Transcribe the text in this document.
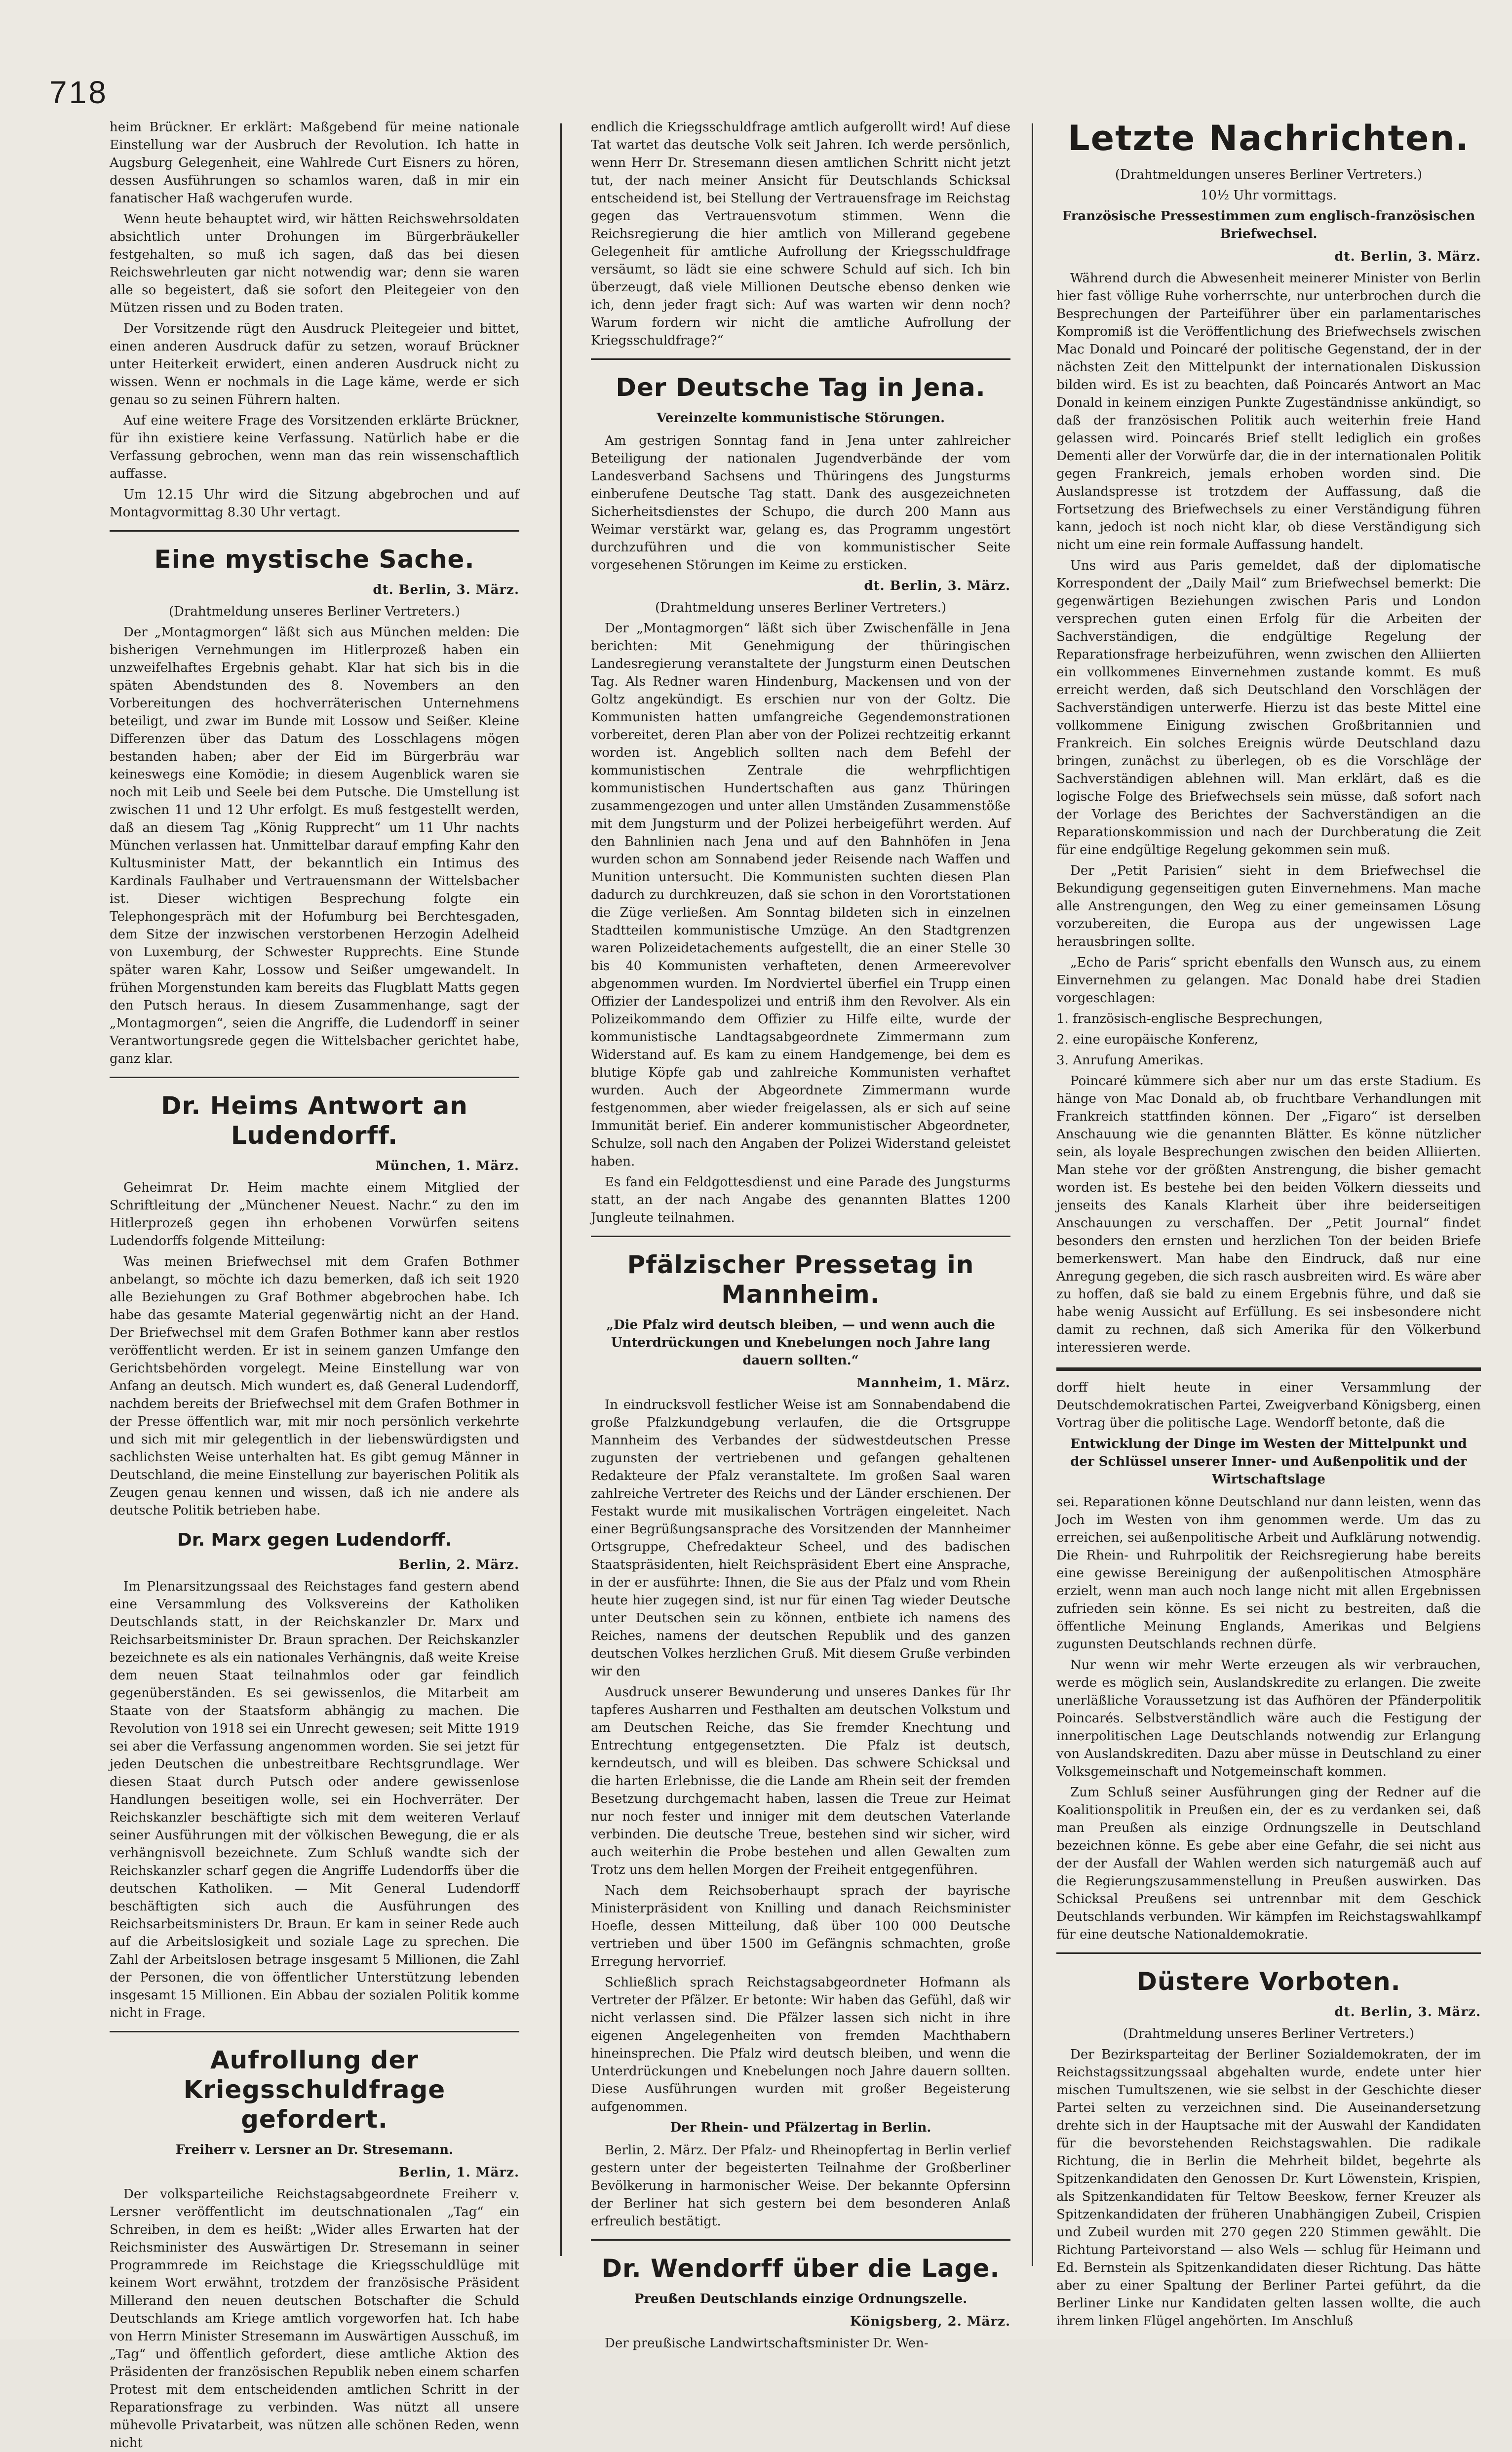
718

heim Brückner. Er erklärt: Maßgebend für meine nationale Einstellung war der Ausbruch der Revolution. Ich hatte in Augsburg Gelegenheit, eine Wahlrede Curt Eisners zu hören, dessen Ausführungen so schamlos waren, daß in mir ein fanatischer Haß wachgerufen wurde.

Wenn heute behauptet wird, wir hätten Reichswehrsoldaten absichtlich unter Drohungen im Bürgerbräukeller festgehalten, so muß ich sagen, daß das bei diesen Reichswehrleuten gar nicht notwendig war; denn sie waren alle so begeistert, daß sie sofort den Pleitegeier von den Mützen rissen und zu Boden traten.

Der Vorsitzende rügt den Ausdruck Pleitegeier und bittet, einen anderen Ausdruck dafür zu setzen, worauf Brückner unter Heiterkeit erwidert, einen anderen Ausdruck nicht zu wissen. Wenn er nochmals in die Lage käme, werde er sich genau so zu seinen Führern halten.

Auf eine weitere Frage des Vorsitzenden erklärte Brückner, für ihn existiere keine Verfassung. Natürlich habe er die Verfassung gebrochen, wenn man das rein wissenschaftlich auffasse.

Um 12.15 Uhr wird die Sitzung abgebrochen und auf Montagvormittag 8.30 Uhr vertagt.

Eine mystische Sache.

dt. Berlin, 3. März.

(Drahtmeldung unseres Berliner Vertreters.)

Der „Montagmorgen“ läßt sich aus München melden: Die bisherigen Vernehmungen im Hitlerprozeß haben ein unzweifelhaftes Ergebnis gehabt. Klar hat sich bis in die späten Abendstunden des 8. Novembers an den Vorbereitungen des hochverräterischen Unternehmens beteiligt, und zwar im Bunde mit Lossow und Seißer. Kleine Differenzen über das Datum des Losschlagens mögen bestanden haben; aber der Eid im Bürgerbräu war keineswegs eine Komödie; in diesem Augenblick waren sie noch mit Leib und Seele bei dem Putsche. Die Umstellung ist zwischen 11 und 12 Uhr erfolgt. Es muß festgestellt werden, daß an diesem Tag „König Rupprecht“ um 11 Uhr nachts München verlassen hat. Unmittelbar darauf empfing Kahr den Kultusminister Matt, der bekanntlich ein Intimus des Kardinals Faulhaber und Vertrauensmann der Wittelsbacher ist. Dieser wichtigen Besprechung folgte ein Telephongespräch mit der Hofumburg bei Berchtesgaden, dem Sitze der inzwischen verstorbenen Herzogin Adelheid von Luxemburg, der Schwester Rupprechts. Eine Stunde später waren Kahr, Lossow und Seißer umgewandelt. In frühen Morgenstunden kam bereits das Flugblatt Matts gegen den Putsch heraus. In diesem Zusammenhange, sagt der „Montagmorgen“, seien die Angriffe, die Ludendorff in seiner Verantwortungsrede gegen die Wittelsbacher gerichtet habe, ganz klar.

Dr. Heims Antwort an Ludendorff.

München, 1. März.

Geheimrat Dr. Heim machte einem Mitglied der Schriftleitung der „Münchener Neuest. Nachr.“ zu den im Hitlerprozeß gegen ihn erhobenen Vorwürfen seitens Ludendorffs folgende Mitteilung:

Was meinen Briefwechsel mit dem Grafen Bothmer anbelangt, so möchte ich dazu bemerken, daß ich seit 1920 alle Beziehungen zu Graf Bothmer abgebrochen habe. Ich habe das gesamte Material gegenwärtig nicht an der Hand. Der Briefwechsel mit dem Grafen Bothmer kann aber restlos veröffentlicht werden. Er ist in seinem ganzen Umfange den Gerichtsbehörden vorgelegt. Meine Einstellung war von Anfang an deutsch. Mich wundert es, daß General Ludendorff, nachdem bereits der Briefwechsel mit dem Grafen Bothmer in der Presse öffentlich war, mit mir noch persönlich verkehrte und sich mit mir gelegentlich in der liebenswürdigsten und sachlichsten Weise unterhalten hat. Es gibt gemug Männer in Deutschland, die meine Einstellung zur bayerischen Politik als Zeugen genau kennen und wissen, daß ich nie andere als deutsche Politik betrieben habe.

Dr. Marx gegen Ludendorff.

Berlin, 2. März.

Im Plenarsitzungssaal des Reichstages fand gestern abend eine Versammlung des Volksvereins der Katholiken Deutschlands statt, in der Reichskanzler Dr. Marx und Reichsarbeitsminister Dr. Braun sprachen. Der Reichskanzler bezeichnete es als ein nationales Verhängnis, daß weite Kreise dem neuen Staat teilnahmlos oder gar feindlich gegenüberständen. Es sei gewissenlos, die Mitarbeit am Staate von der Staatsform abhängig zu machen. Die Revolution von 1918 sei ein Unrecht gewesen; seit Mitte 1919 sei aber die Verfassung angenommen worden. Sie sei jetzt für jeden Deutschen die unbestreitbare Rechtsgrundlage. Wer diesen Staat durch Putsch oder andere gewissenlose Handlungen beseitigen wolle, sei ein Hochverräter. Der Reichskanzler beschäftigte sich mit dem weiteren Verlauf seiner Ausführungen mit der völkischen Bewegung, die er als verhängnisvoll bezeichnete. Zum Schluß wandte sich der Reichskanzler scharf gegen die Angriffe Ludendorffs über die deutschen Katholiken. — Mit General Ludendorff beschäftigten sich auch die Ausführungen des Reichsarbeitsministers Dr. Braun. Er kam in seiner Rede auch auf die Arbeitslosigkeit und soziale Lage zu sprechen. Die Zahl der Arbeitslosen betrage insgesamt 5 Millionen, die Zahl der Personen, die von öffentlicher Unterstützung lebenden insgesamt 15 Millionen. Ein Abbau der sozialen Politik komme nicht in Frage.

Aufrollung der Kriegsschuldfrage gefordert.

Freiherr v. Lersner an Dr. Stresemann.

Berlin, 1. März.

Der volksparteiliche Reichstagsabgeordnete Freiherr v. Lersner veröffentlicht im deutschnationalen „Tag“ ein Schreiben, in dem es heißt: „Wider alles Erwarten hat der Reichsminister des Auswärtigen Dr. Stresemann in seiner Programmrede im Reichstage die Kriegsschuldlüge mit keinem Wort erwähnt, trotzdem der französische Präsident Millerand den neuen deutschen Botschafter die Schuld Deutschlands am Kriege amtlich vorgeworfen hat. Ich habe von Herrn Minister Stresemann im Auswärtigen Ausschuß, im „Tag“ und öffentlich gefordert, diese amtliche Aktion des Präsidenten der französischen Republik neben einem scharfen Protest mit dem entscheidenden amtlichen Schritt in der Reparationsfrage zu verbinden. Was nützt all unsere mühevolle Privatarbeit, was nützen alle schönen Reden, wenn nicht

endlich die Kriegsschuldfrage amtlich aufgerollt wird! Auf diese Tat wartet das deutsche Volk seit Jahren. Ich werde persönlich, wenn Herr Dr. Stresemann diesen amtlichen Schritt nicht jetzt tut, der nach meiner Ansicht für Deutschlands Schicksal entscheidend ist, bei Stellung der Vertrauensfrage im Reichstag gegen das Vertrauensvotum stimmen. Wenn die Reichsregierung die hier amtlich von Millerand gegebene Gelegenheit für amtliche Aufrollung der Kriegsschuldfrage versäumt, so lädt sie eine schwere Schuld auf sich. Ich bin überzeugt, daß viele Millionen Deutsche ebenso denken wie ich, denn jeder fragt sich: Auf was warten wir denn noch? Warum fordern wir nicht die amtliche Aufrollung der Kriegsschuldfrage?“

Der Deutsche Tag in Jena.

Vereinzelte kommunistische Störungen.

Am gestrigen Sonntag fand in Jena unter zahlreicher Beteiligung der nationalen Jugendverbände der vom Landesverband Sachsens und Thüringens des Jungsturms einberufene Deutsche Tag statt. Dank des ausgezeichneten Sicherheitsdienstes der Schupo, die durch 200 Mann aus Weimar verstärkt war, gelang es, das Programm ungestört durchzuführen und die von kommunistischer Seite vorgesehenen Störungen im Keime zu ersticken.

dt. Berlin, 3. März.

(Drahtmeldung unseres Berliner Vertreters.)

Der „Montagmorgen“ läßt sich über Zwischenfälle in Jena berichten: Mit Genehmigung der thüringischen Landesregierung veranstaltete der Jungsturm einen Deutschen Tag. Als Redner waren Hindenburg, Mackensen und von der Goltz angekündigt. Es erschien nur von der Goltz. Die Kommunisten hatten umfangreiche Gegendemonstrationen vorbereitet, deren Plan aber von der Polizei rechtzeitig erkannt worden ist. Angeblich sollten nach dem Befehl der kommunistischen Zentrale die wehrpflichtigen kommunistischen Hundertschaften aus ganz Thüringen zusammengezogen und unter allen Umständen Zusammenstöße mit dem Jungsturm und der Polizei herbeigeführt werden. Auf den Bahnlinien nach Jena und auf den Bahnhöfen in Jena wurden schon am Sonnabend jeder Reisende nach Waffen und Munition untersucht. Die Kommunisten suchten diesen Plan dadurch zu durchkreuzen, daß sie schon in den Vorortstationen die Züge verließen. Am Sonntag bildeten sich in einzelnen Stadtteilen kommunistische Umzüge. An den Stadtgrenzen waren Polizeidetachements aufgestellt, die an einer Stelle 30 bis 40 Kommunisten verhafteten, denen Armeerevolver abgenommen wurden. Im Nordviertel überfiel ein Trupp einen Offizier der Landespolizei und entriß ihm den Revolver. Als ein Polizeikommando dem Offizier zu Hilfe eilte, wurde der kommunistische Landtagsabgeordnete Zimmermann zum Widerstand auf. Es kam zu einem Handgemenge, bei dem es blutige Köpfe gab und zahlreiche Kommunisten verhaftet wurden. Auch der Abgeordnete Zimmermann wurde festgenommen, aber wieder freigelassen, als er sich auf seine Immunität berief. Ein anderer kommunistischer Abgeordneter, Schulze, soll nach den Angaben der Polizei Widerstand geleistet haben.

Es fand ein Feldgottesdienst und eine Parade des Jungsturms statt, an der nach Angabe des genannten Blattes 1200 Jungleute teilnahmen.

Pfälzischer Pressetag in Mannheim.

„Die Pfalz wird deutsch bleiben, — und wenn auch die Unterdrückungen und Knebelungen noch Jahre lang dauern sollten.“

Mannheim, 1. März.

In eindrucksvoll festlicher Weise ist am Sonnabendabend die große Pfalzkundgebung verlaufen, die die Ortsgruppe Mannheim des Verbandes der südwestdeutschen Presse zugunsten der vertriebenen und gefangen gehaltenen Redakteure der Pfalz veranstaltete. Im großen Saal waren zahlreiche Vertreter des Reichs und der Länder erschienen. Der Festakt wurde mit musikalischen Vorträgen eingeleitet. Nach einer Begrüßungsansprache des Vorsitzenden der Mannheimer Ortsgruppe, Chefredakteur Scheel, und des badischen Staatspräsidenten, hielt Reichspräsident Ebert eine Ansprache, in der er ausführte: Ihnen, die Sie aus der Pfalz und vom Rhein heute hier zugegen sind, ist nur für einen Tag wieder Deutsche unter Deutschen sein zu können, entbiete ich namens des Reiches, namens der deutschen Republik und des ganzen deutschen Volkes herzlichen Gruß. Mit diesem Gruße verbinden wir den

Ausdruck unserer Bewunderung und unseres Dankes für Ihr tapferes Ausharren und Festhalten am deutschen Volkstum und am Deutschen Reiche, das Sie fremder Knechtung und Entrechtung entgegensetzten. Die Pfalz ist deutsch, kerndeutsch, und will es bleiben. Das schwere Schicksal und die harten Erlebnisse, die die Lande am Rhein seit der fremden Besetzung durchgemacht haben, lassen die Treue zur Heimat nur noch fester und inniger mit dem deutschen Vaterlande verbinden. Die deutsche Treue, bestehen sind wir sicher, wird auch weiterhin die Probe bestehen und allen Gewalten zum Trotz uns dem hellen Morgen der Freiheit entgegenführen.

Nach dem Reichsoberhaupt sprach der bayrische Ministerpräsident von Knilling und danach Reichsminister Hoefle, dessen Mitteilung, daß über 100 000 Deutsche vertrieben und über 1500 im Gefängnis schmachten, große Erregung hervorrief.

Schließlich sprach Reichstagsabgeordneter Hofmann als Vertreter der Pfälzer. Er betonte: Wir haben das Gefühl, daß wir nicht verlassen sind. Die Pfälzer lassen sich nicht in ihre eigenen Angelegenheiten von fremden Machthabern hineinsprechen. Die Pfalz wird deutsch bleiben, und wenn die Unterdrückungen und Knebelungen noch Jahre dauern sollten. Diese Ausführungen wurden mit großer Begeisterung aufgenommen.

Der Rhein- und Pfälzertag in Berlin.

Berlin, 2. März. Der Pfalz- und Rheinopfertag in Berlin verlief gestern unter der begeisterten Teilnahme der Großberliner Bevölkerung in harmonischer Weise. Der bekannte Opfersinn der Berliner hat sich gestern bei dem besonderen Anlaß erfreulich bestätigt.

Dr. Wendorff über die Lage.

Preußen Deutschlands einzige Ordnungszelle.

Königsberg, 2. März.

Der preußische Landwirtschaftsminister Dr. Wen-

Letzte Nachrichten.

(Drahtmeldungen unseres Berliner Vertreters.)

10½ Uhr vormittags.

Französische Pressestimmen zum englisch-französischen Briefwechsel.

dt. Berlin, 3. März.

Während durch die Abwesenheit meinerer Minister von Berlin hier fast völlige Ruhe vorherrschte, nur unterbrochen durch die Besprechungen der Parteiführer über ein parlamentarisches Kompromiß ist die Veröffentlichung des Briefwechsels zwischen Mac Donald und Poincaré der politische Gegenstand, der in der nächsten Zeit den Mittelpunkt der internationalen Diskussion bilden wird. Es ist zu beachten, daß Poincarés Antwort an Mac Donald in keinem einzigen Punkte Zugeständnisse ankündigt, so daß der französischen Politik auch weiterhin freie Hand gelassen wird. Poincarés Brief stellt lediglich ein großes Dementi aller der Vorwürfe dar, die in der internationalen Politik gegen Frankreich, jemals erhoben worden sind. Die Auslandspresse ist trotzdem der Auffassung, daß die Fortsetzung des Briefwechsels zu einer Verständigung führen kann, jedoch ist noch nicht klar, ob diese Verständigung sich nicht um eine rein formale Auffassung handelt.

Uns wird aus Paris gemeldet, daß der diplomatische Korrespondent der „Daily Mail“ zum Briefwechsel bemerkt: Die gegenwärtigen Beziehungen zwischen Paris und London versprechen guten einen Erfolg für die Arbeiten der Sachverständigen, die endgültige Regelung der Reparationsfrage herbeizuführen, wenn zwischen den Alliierten ein vollkommenes Einvernehmen zustande kommt. Es muß erreicht werden, daß sich Deutschland den Vorschlägen der Sachverständigen unterwerfe. Hierzu ist das beste Mittel eine vollkommene Einigung zwischen Großbritannien und Frankreich. Ein solches Ereignis würde Deutschland dazu bringen, zunächst zu überlegen, ob es die Vorschläge der Sachverständigen ablehnen will. Man erklärt, daß es die logische Folge des Briefwechsels sein müsse, daß sofort nach der Vorlage des Berichtes der Sachverständigen an die Reparationskommission und nach der Durchberatung die Zeit für eine endgültige Regelung gekommen sein muß.

Der „Petit Parisien“ sieht in dem Briefwechsel die Bekundigung gegenseitigen guten Einvernehmens. Man mache alle Anstrengungen, den Weg zu einer gemeinsamen Lösung vorzubereiten, die Europa aus der ungewissen Lage herausbringen sollte.

„Echo de Paris“ spricht ebenfalls den Wunsch aus, zu einem Einvernehmen zu gelangen. Mac Donald habe drei Stadien vorgeschlagen:

1. französisch-englische Besprechungen,

2. eine europäische Konferenz,

3. Anrufung Amerikas.

Poincaré kümmere sich aber nur um das erste Stadium. Es hänge von Mac Donald ab, ob fruchtbare Verhandlungen mit Frankreich stattfinden können. Der „Figaro“ ist derselben Anschauung wie die genannten Blätter. Es könne nützlicher sein, als loyale Besprechungen zwischen den beiden Alliierten. Man stehe vor der größten Anstrengung, die bisher gemacht worden ist. Es bestehe bei den beiden Völkern diesseits und jenseits des Kanals Klarheit über ihre beiderseitigen Anschauungen zu verschaffen. Der „Petit Journal“ findet besonders den ernsten und herzlichen Ton der beiden Briefe bemerkenswert. Man habe den Eindruck, daß nur eine Anregung gegeben, die sich rasch ausbreiten wird. Es wäre aber zu hoffen, daß sie bald zu einem Ergebnis führe, und daß sie habe wenig Aussicht auf Erfüllung. Es sei insbesondere nicht damit zu rechnen, daß sich Amerika für den Völkerbund interessieren werde.

dorff hielt heute in einer Versammlung der Deutschdemokratischen Partei, Zweigverband Königsberg, einen Vortrag über die politische Lage. Wendorff betonte, daß die

Entwicklung der Dinge im Westen der Mittelpunkt und der Schlüssel unserer Inner- und Außenpolitik und der Wirtschaftslage

sei. Reparationen könne Deutschland nur dann leisten, wenn das Joch im Westen von ihm genommen werde. Um das zu erreichen, sei außenpolitische Arbeit und Aufklärung notwendig. Die Rhein- und Ruhrpolitik der Reichsregierung habe bereits eine gewisse Bereinigung der außenpolitischen Atmosphäre erzielt, wenn man auch noch lange nicht mit allen Ergebnissen zufrieden sein könne. Es sei nicht zu bestreiten, daß die öffentliche Meinung Englands, Amerikas und Belgiens zugunsten Deutschlands rechnen dürfe.

Nur wenn wir mehr Werte erzeugen als wir verbrauchen, werde es möglich sein, Auslandskredite zu erlangen. Die zweite unerläßliche Voraussetzung ist das Aufhören der Pfänderpolitik Poincarés. Selbstverständlich wäre auch die Festigung der innerpolitischen Lage Deutschlands notwendig zur Erlangung von Auslandskrediten. Dazu aber müsse in Deutschland zu einer Volksgemeinschaft und Notgemeinschaft kommen.

Zum Schluß seiner Ausführungen ging der Redner auf die Koalitionspolitik in Preußen ein, der es zu verdanken sei, daß man Preußen als einzige Ordnungszelle in Deutschland bezeichnen könne. Es gebe aber eine Gefahr, die sei nicht aus der der Ausfall der Wahlen werden sich naturgemäß auch auf die Regierungszusammenstellung in Preußen auswirken. Das Schicksal Preußens sei untrennbar mit dem Geschick Deutschlands verbunden. Wir kämpfen im Reichstagswahlkampf für eine deutsche Nationaldemokratie.

Düstere Vorboten.

dt. Berlin, 3. März.

(Drahtmeldung unseres Berliner Vertreters.)

Der Bezirksparteitag der Berliner Sozialdemokraten, der im Reichstagssitzungssaal abgehalten wurde, endete unter hier mischen Tumultszenen, wie sie selbst in der Geschichte dieser Partei selten zu verzeichnen sind. Die Auseinandersetzung drehte sich in der Hauptsache mit der Auswahl der Kandidaten für die bevorstehenden Reichstagswahlen. Die radikale Richtung, die in Berlin die Mehrheit bildet, begehrte als Spitzenkandidaten den Genossen Dr. Kurt Löwenstein, Krispien, als Spitzenkandidaten für Teltow Beeskow, ferner Kreuzer als Spitzenkandidaten der früheren Unabhängigen Zubeil, Crispien und Zubeil wurden mit 270 gegen 220 Stimmen gewählt. Die Richtung Parteivorstand — also Wels — schlug für Heimann und Ed. Bernstein als Spitzenkandidaten dieser Richtung. Das hätte aber zu einer Spaltung der Berliner Partei geführt, da die Berliner Linke nur Kandidaten gelten lassen wollte, die auch ihrem linken Flügel angehörten. Im Anschluß
